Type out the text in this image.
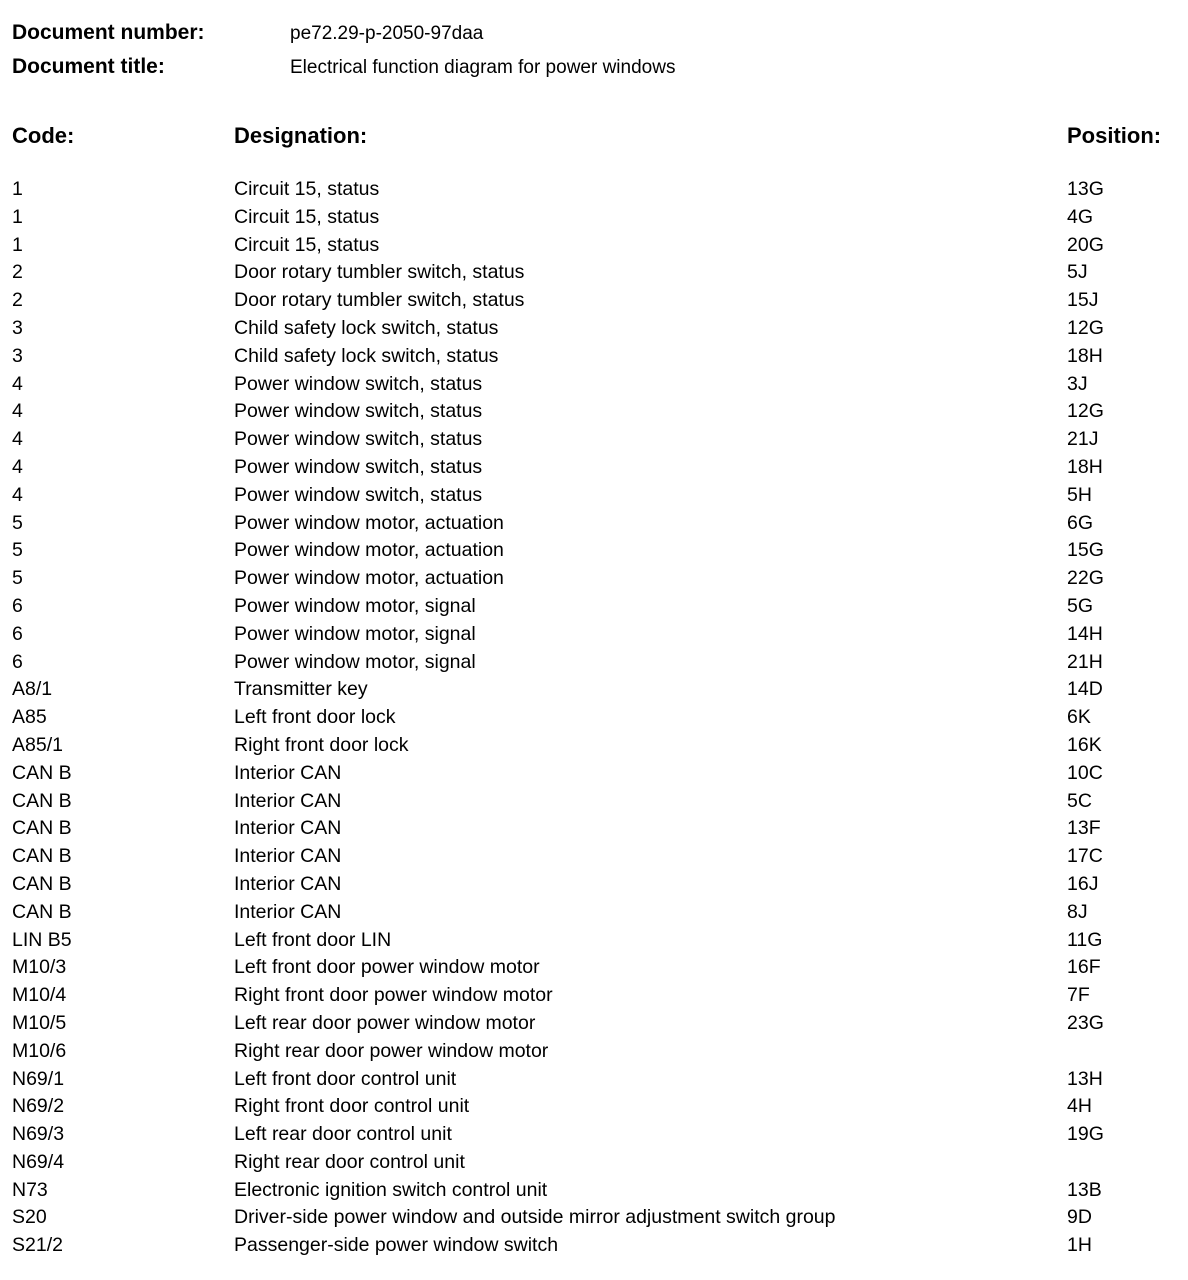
Document number:	pe72.29-p-2050-97daa
Document title:	Electrical function diagram for power windows
Code:	Designation:	Position:
1	Circuit 15, status	13G
1	Circuit 15, status	4G
1	Circuit 15, status	20G
2	Door rotary tumbler switch, status	5J
2	Door rotary tumbler switch, status	15J
3	Child safety lock switch, status	12G
3	Child safety lock switch, status	18H
4	Power window switch, status	3J
4	Power window switch, status	12G
4	Power window switch, status	21J
4	Power window switch, status	18H
4	Power window switch, status	5H
5	Power window motor, actuation	6G
5	Power window motor, actuation	15G
5	Power window motor, actuation	22G
6	Power window motor, signal	5G
6	Power window motor, signal	14H
6	Power window motor, signal	21H
A8/1	Transmitter key	14D
A85	Left front door lock	6K
A85/1	Right front door lock	16K
CAN B	Interior CAN	10C
CAN B	Interior CAN	5C
CAN B	Interior CAN	13F
CAN B	Interior CAN	17C
CAN B	Interior CAN	16J
CAN B	Interior CAN	8J
LIN B5	Left front door LIN	11G
M10/3	Left front door power window motor	16F
M10/4	Right front door power window motor	7F
M10/5	Left rear door power window motor	23G
M10/6	Right rear door power window motor
N69/1	Left front door control unit	13H
N69/2	Right front door control unit	4H
N69/3	Left rear door control unit	19G
N69/4	Right rear door control unit
N73	Electronic ignition switch control unit	13B
S20	Driver-side power window and outside mirror adjustment switch group	9D
S21/2	Passenger-side power window switch	1H
